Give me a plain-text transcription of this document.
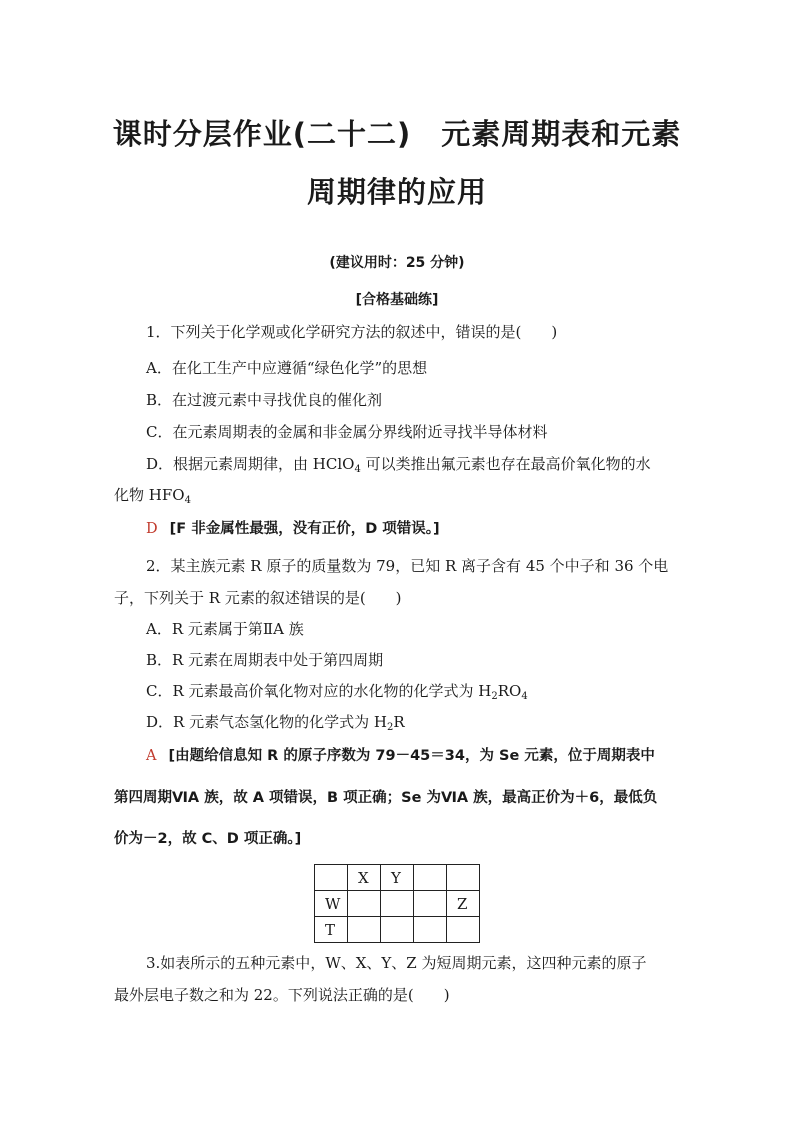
课时分层作业(二十二)　元素周期表和元素
周期律的应用
(建议用时：25 分钟)
[合格基础练]
1．下列关于化学观或化学研究方法的叙述中，错误的是(　　)
A．在化工生产中应遵循“绿色化学”的思想
B．在过渡元素中寻找优良的催化剂
C．在元素周期表的金属和非金属分界线附近寻找半导体材料
D．根据元素周期律，由 HClO$_4$ 可以类推出氟元素也存在最高价氧化物的水
化物 $HFO_4$
D [F 非金属性最强，没有正价，D 项错误。]
2．某主族元素 R 原子的质量数为 79，已知 R 离子含有 45 个中子和 36 个电
子，下列关于 R 元素的叙述错误的是(　　)
A．R 元素属于第ⅡA 族
B．R 元素在周期表中处于第四周期
C．R 元素最高价氧化物对应的水化物的化学式为 $H_2RO_4$
D．R 元素气态氢化物的化学式为 $H_2R$
A [由题给信息知 R 的原子序数为 79－45＝34，为 Se 元素，位于周期表中
第四周期ⅥA 族，故 A 项错误，B 项正确；Se 为ⅥA 族，最高正价为＋6，最低负
价为－2，故 C、D 项正确。]
	X	Y		
W				Z
T				
3.如表所示的五种元素中，W、X、Y、Z 为短周期元素，这四种元素的原子
最外层电子数之和为 22。下列说法正确的是(　　)
